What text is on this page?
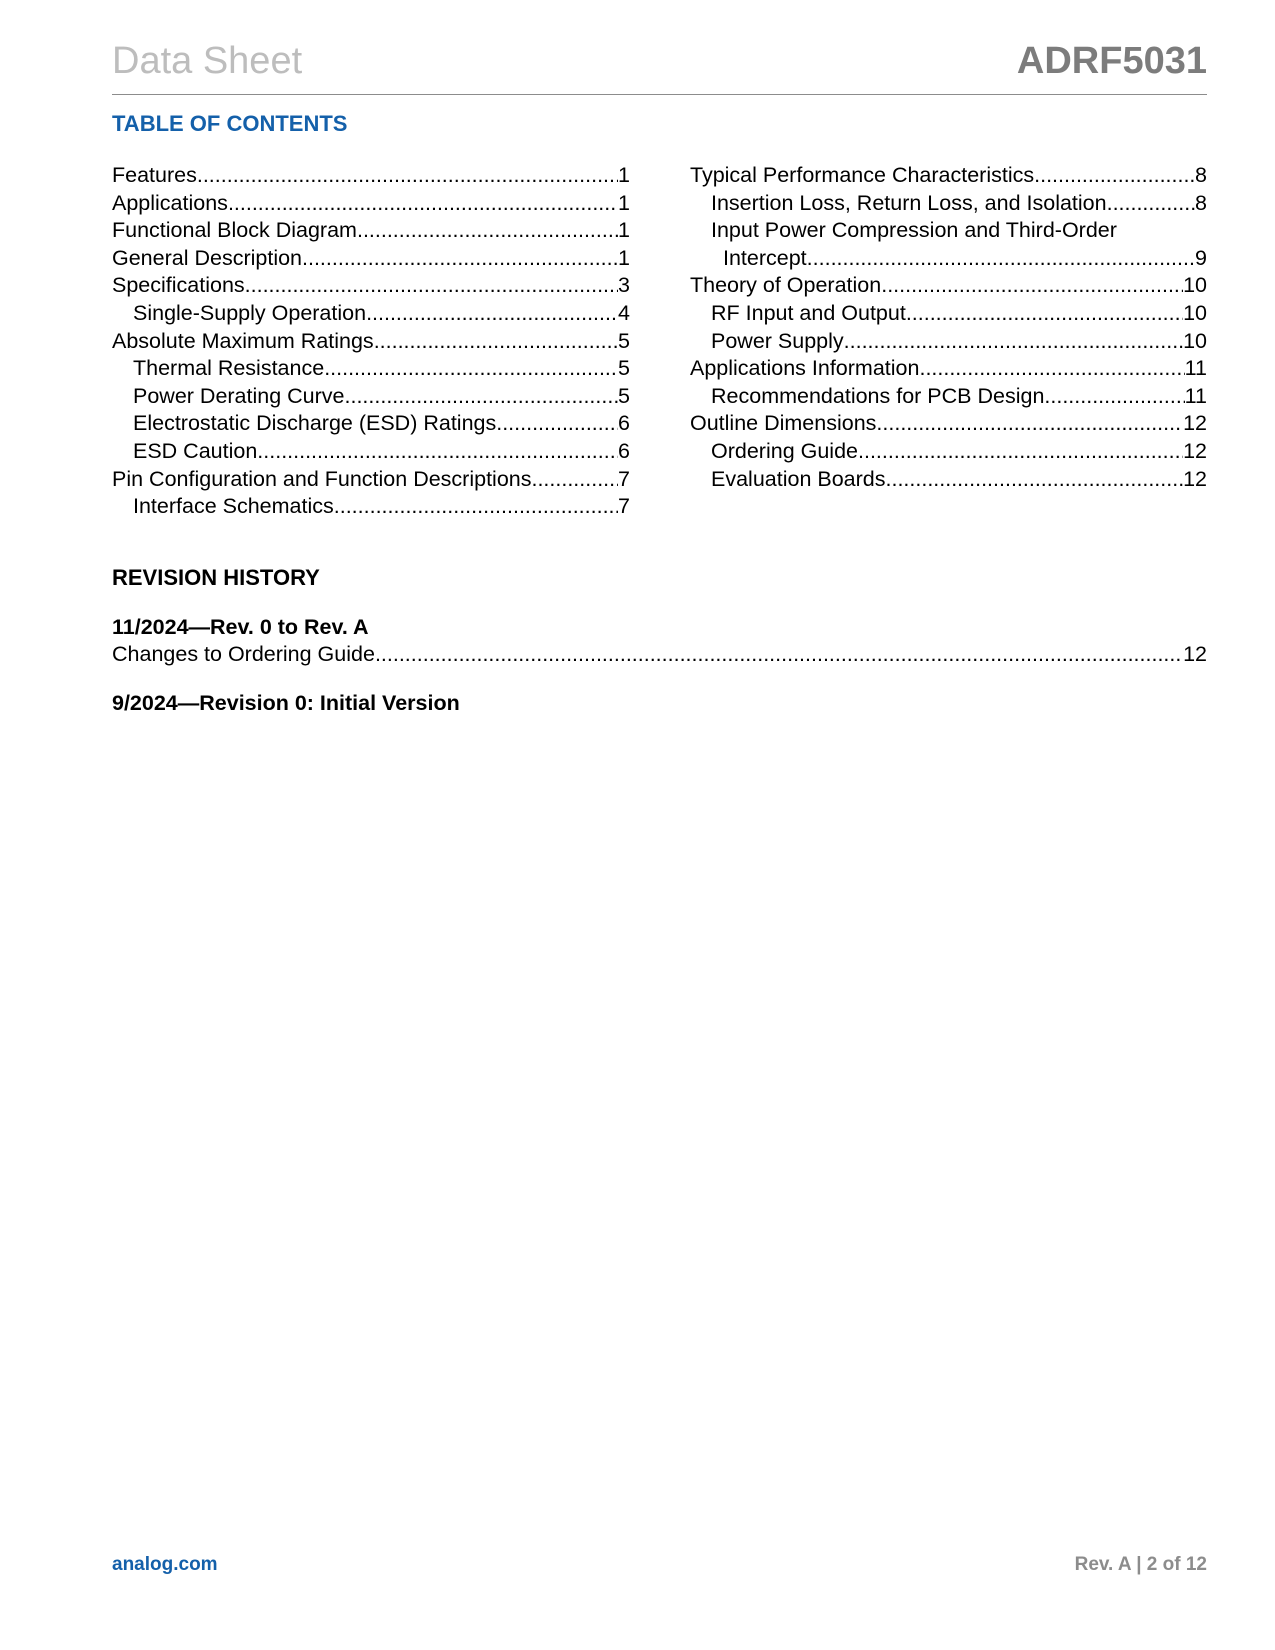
Data Sheet	ADRF5031
TABLE OF CONTENTS
Features .....	1
Applications .....	1
Functional Block Diagram .....	1
General Description .....	1
Specifications .....	3
Single-Supply Operation .....	4
Absolute Maximum Ratings .....	5
Thermal Resistance .....	5
Power Derating Curve .....	5
Electrostatic Discharge (ESD) Ratings .....	6
ESD Caution .....	6
Pin Configuration and Function Descriptions .....	7
Interface Schematics .....	7
Typical Performance Characteristics .....	8
Insertion Loss, Return Loss, and Isolation .....	8
Input Power Compression and Third-Order
Intercept .....	9
Theory of Operation .....	10
RF Input and Output .....	10
Power Supply .....	10
Applications Information .....	11
Recommendations for PCB Design .....	11
Outline Dimensions .....	12
Ordering Guide .....	12
Evaluation Boards .....	12
REVISION HISTORY
11/2024—Rev. 0 to Rev. A
Changes to Ordering Guide .....	12
9/2024—Revision 0: Initial Version
analog.com	Rev. A | 2 of 12
